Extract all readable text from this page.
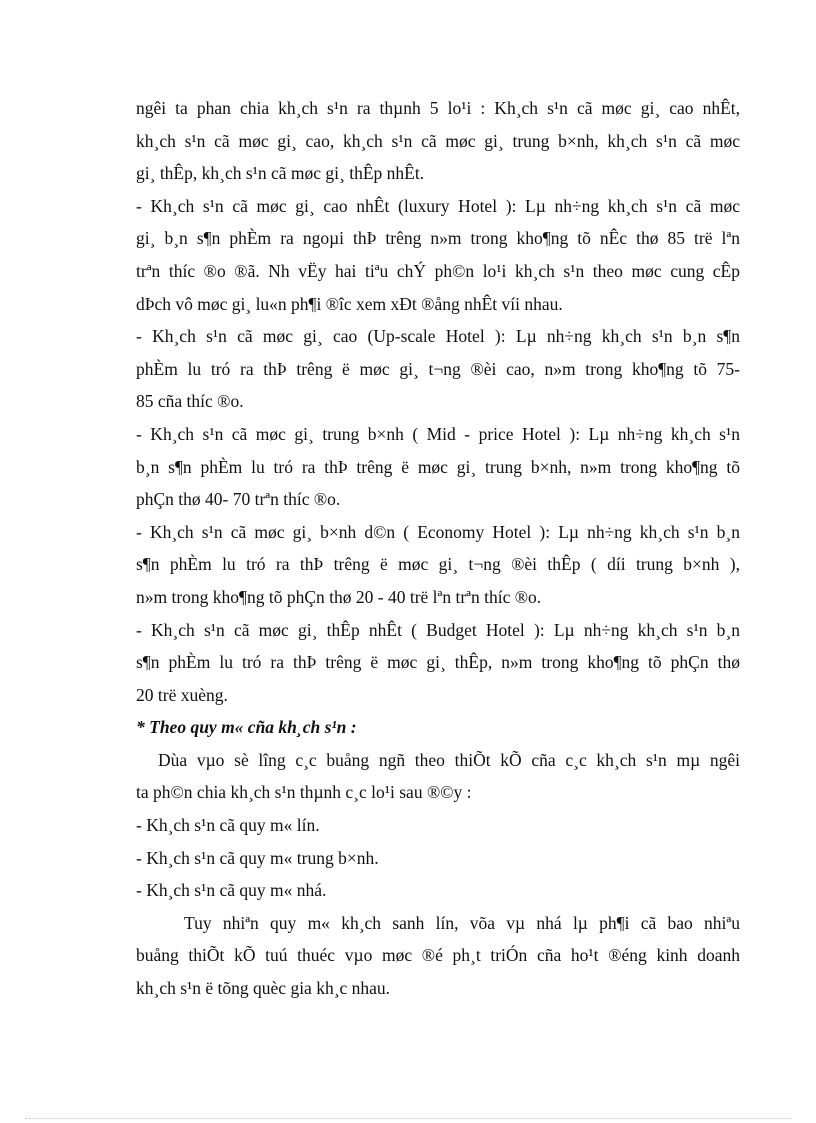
ngêi ta phan chia kh¸ch s¹n ra thµnh 5 lo¹i : Kh¸ch s¹n cã møc gi¸ cao nhÊt,
kh¸ch s¹n cã møc gi¸ cao, kh¸ch s¹n cã møc gi¸ trung b×nh, kh¸ch s¹n cã møc
gi¸ thÊp, kh¸ch s¹n cã møc gi¸ thÊp nhÊt.
- Kh¸ch s¹n cã møc gi¸ cao nhÊt (luxury Hotel ): Lµ nh÷ng kh¸ch s¹n cã møc
gi¸ b¸n s¶n phÈm ra ngoµi thÞ trêng n»m trong kho¶ng tõ nÊc thø 85 trë lªn
trªn thíc ®o ®ã. Nh vËy hai tiªu chÝ ph©n lo¹i kh¸ch s¹n theo møc cung cÊp
dÞch vô møc gi¸ lu«n ph¶i ®îc xem xÐt ®ång nhÊt víi nhau.
- Kh¸ch s¹n cã møc gi¸ cao (Up-scale Hotel ): Lµ nh÷ng kh¸ch s¹n b¸n s¶n
phÈm lu tró ra thÞ trêng ë møc gi¸ t¬ng ®èi cao, n»m trong kho¶ng tõ 75-
85 cña thíc ®o.
- Kh¸ch s¹n cã møc gi¸ trung b×nh ( Mid - price Hotel ): Lµ nh÷ng kh¸ch s¹n
b¸n s¶n phÈm lu tró ra thÞ trêng ë møc gi¸ trung b×nh, n»m trong kho¶ng tõ
phÇn thø 40- 70 trªn thíc ®o.
- Kh¸ch s¹n cã møc gi¸ b×nh d©n ( Economy Hotel ): Lµ nh÷ng kh¸ch s¹n b¸n
s¶n phÈm lu tró ra thÞ trêng ë møc gi¸ t¬ng ®èi thÊp ( díi trung b×nh ),
n»m trong kho¶ng tõ phÇn thø 20 - 40 trë lªn trªn thíc ®o.
- Kh¸ch s¹n cã møc gi¸ thÊp nhÊt ( Budget Hotel ): Lµ nh÷ng kh¸ch s¹n b¸n
s¶n phÈm lu tró ra thÞ trêng ë møc gi¸ thÊp, n»m trong kho¶ng tõ phÇn thø
20 trë xuèng.
* Theo quy m« cña kh¸ch s¹n :
Dùa vµo sè lîng c¸c buång ngñ theo thiÕt kÕ cña c¸c kh¸ch s¹n mµ ngêi
ta ph©n chia kh¸ch s¹n thµnh c¸c lo¹i sau ®©y :
- Kh¸ch s¹n cã quy m« lín.
- Kh¸ch s¹n cã quy m« trung b×nh.
- Kh¸ch s¹n cã quy m« nhá.
Tuy nhiªn quy m« kh¸ch sanh lín, võa vµ nhá lµ ph¶i cã bao nhiªu
buång thiÕt kÕ tuú thuéc vµo møc ®é ph¸t triÓn cña ho¹t ®éng kinh doanh
kh¸ch s¹n ë tõng quèc gia kh¸c nhau.
